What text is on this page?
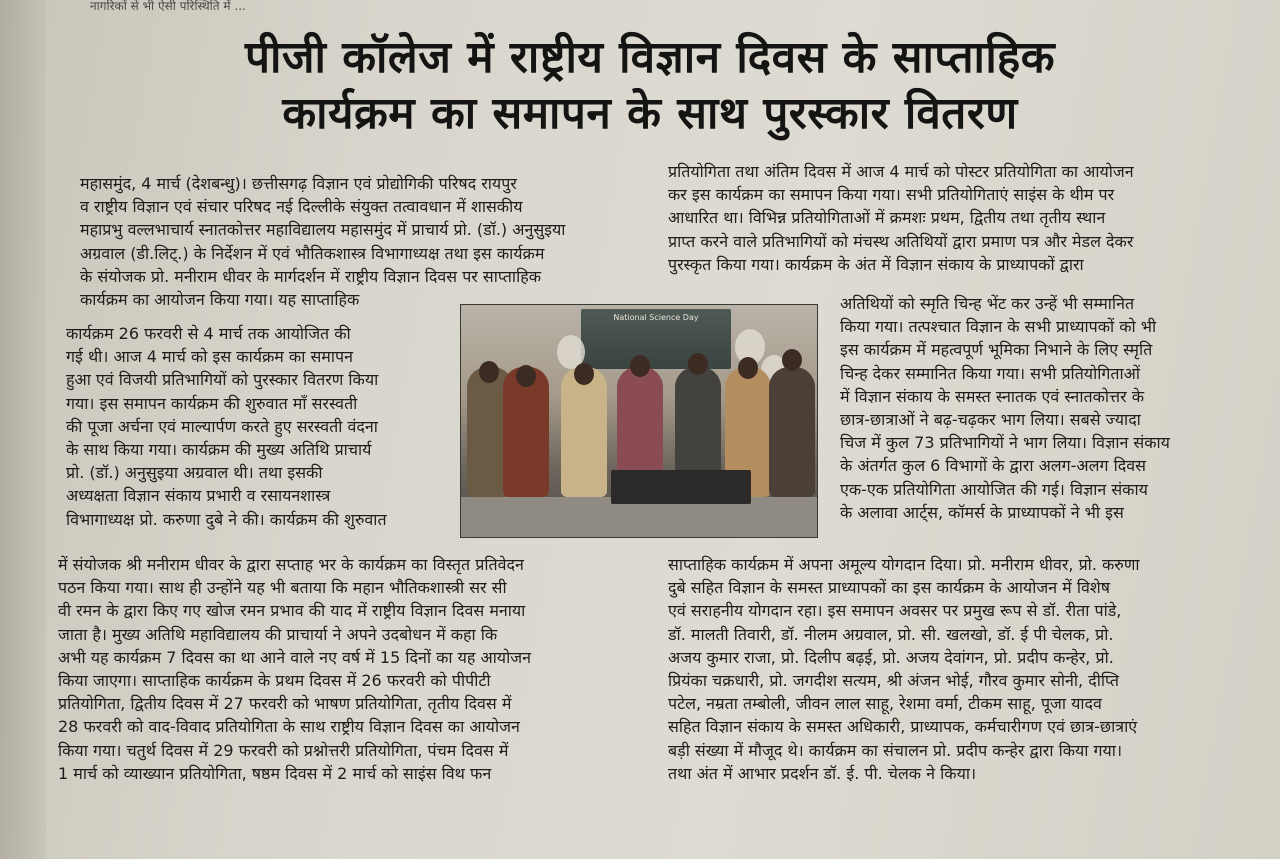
नागरिकों से भी ऐसी परिस्थिति में ...
पीजी कॉलेज में राष्ट्रीय विज्ञान दिवस के साप्ताहिक
कार्यक्रम का समापन के साथ पुरस्कार वितरण
National Science Day
महासमुंद, 4 मार्च (देशबन्धु)। छत्तीसगढ़ विज्ञान एवं प्रोद्योगिकी परिषद रायपुर
व राष्ट्रीय विज्ञान एवं संचार परिषद नई दिल्लीके संयुक्त तत्वावधान में शासकीय
महाप्रभु वल्लभाचार्य स्नातकोत्तर महाविद्यालय महासमुंद में प्राचार्य प्रो. (डॉ.) अनुसुइया
अग्रवाल (डी.लिट्.) के निर्देशन में एवं भौतिकशास्त्र विभागाध्यक्ष तथा इस कार्यक्रम
के संयोजक प्रो. मनीराम धीवर के मार्गदर्शन में राष्ट्रीय विज्ञान दिवस पर साप्ताहिक
कार्यक्रम का आयोजन किया गया। यह साप्ताहिक
कार्यक्रम 26 फरवरी से 4 मार्च तक आयोजित की
गई थी। आज 4 मार्च को इस कार्यक्रम का समापन
हुआ एवं विजयी प्रतिभागियों को पुरस्कार वितरण किया
गया। इस समापन कार्यक्रम की शुरुवात माँ सरस्वती
की पूजा अर्चना एवं माल्यार्पण करते हुए सरस्वती वंदना
के साथ किया गया। कार्यक्रम की मुख्य अतिथि प्राचार्य
प्रो. (डॉ.) अनुसुइया अग्रवाल थी। तथा इसकी
अध्यक्षता विज्ञान संकाय प्रभारी व रसायनशास्त्र
विभागाध्यक्ष प्रो. करुणा दुबे ने की। कार्यक्रम की शुरुवात
में संयोजक श्री मनीराम धीवर के द्वारा सप्ताह भर के कार्यक्रम का विस्तृत प्रतिवेदन
पठन किया गया। साथ ही उन्होंने यह भी बताया कि महान भौतिकशास्त्री सर सी
वी रमन के द्वारा किए गए खोज रमन प्रभाव की याद में राष्ट्रीय विज्ञान दिवस मनाया
जाता है। मुख्य अतिथि महाविद्यालय की प्राचार्या ने अपने उदबोधन में कहा कि
अभी यह कार्यक्रम 7 दिवस का था आने वाले नए वर्ष में 15 दिनों का यह आयोजन
किया जाएगा। साप्ताहिक कार्यक्रम के प्रथम दिवस में 26 फरवरी को पीपीटी
प्रतियोगिता, द्वितीय दिवस में 27 फरवरी को भाषण प्रतियोगिता, तृतीय दिवस में
28 फरवरी को वाद-विवाद प्रतियोगिता के साथ राष्ट्रीय विज्ञान दिवस का आयोजन
किया गया। चतुर्थ दिवस में 29 फरवरी को प्रश्नोत्तरी प्रतियोगिता, पंचम दिवस में
1 मार्च को व्याख्यान प्रतियोगिता, षष्ठम दिवस में 2 मार्च को साइंस विथ फन
प्रतियोगिता तथा अंतिम दिवस में आज 4 मार्च को पोस्टर प्रतियोगिता का आयोजन
कर इस कार्यक्रम का समापन किया गया। सभी प्रतियोगिताएं साइंस के थीम पर
आधारित था। विभिन्न प्रतियोगिताओं में क्रमशः प्रथम, द्वितीय तथा तृतीय स्थान
प्राप्त करने वाले प्रतिभागियों को मंचस्थ अतिथियों द्वारा प्रमाण पत्र और मेडल देकर
पुरस्कृत किया गया। कार्यक्रम के अंत में विज्ञान संकाय के प्राध्यापकों द्वारा
अतिथियों को स्मृति चिन्ह भेंट कर उन्हें भी सम्मानित
किया गया। तत्पश्चात विज्ञान के सभी प्राध्यापकों को भी
इस कार्यक्रम में महत्वपूर्ण भूमिका निभाने के लिए स्मृति
चिन्ह देकर सम्मानित किया गया। सभी प्रतियोगिताओं
में विज्ञान संकाय के समस्त स्नातक एवं स्नातकोत्तर के
छात्र-छात्राओं ने बढ़-चढ़कर भाग लिया। सबसे ज्यादा
चिज में कुल 73 प्रतिभागियों ने भाग लिया। विज्ञान संकाय
के अंतर्गत कुल 6 विभागों के द्वारा अलग-अलग दिवस
एक-एक प्रतियोगिता आयोजित की गई। विज्ञान संकाय
के अलावा आर्ट्स, कॉमर्स के प्राध्यापकों ने भी इस
साप्ताहिक कार्यक्रम में अपना अमूल्य योगदान दिया। प्रो. मनीराम धीवर, प्रो. करुणा
दुबे सहित विज्ञान के समस्त प्राध्यापकों का इस कार्यक्रम के आयोजन में विशेष
एवं सराहनीय योगदान रहा। इस समापन अवसर पर प्रमुख रूप से डॉ. रीता पांडे,
डॉ. मालती तिवारी, डॉ. नीलम अग्रवाल, प्रो. सी. खलखो, डॉ. ई पी चेलक, प्रो.
अजय कुमार राजा, प्रो. दिलीप बढ़ई, प्रो. अजय देवांगन, प्रो. प्रदीप कन्हेर, प्रो.
प्रियंका चक्रधारी, प्रो. जगदीश सत्यम, श्री अंजन भोई, गौरव कुमार सोनी, दीप्ति
पटेल, नम्रता तम्बोली, जीवन लाल साहू, रेशमा वर्मा, टीकम साहू, पूजा यादव
सहित विज्ञान संकाय के समस्त अधिकारी, प्राध्यापक, कर्मचारीगण एवं छात्र-छात्राएं
बड़ी संख्या में मौजूद थे। कार्यक्रम का संचालन प्रो. प्रदीप कन्हेर द्वारा किया गया।
तथा अंत में आभार प्रदर्शन डॉ. ई. पी. चेलक ने किया।
